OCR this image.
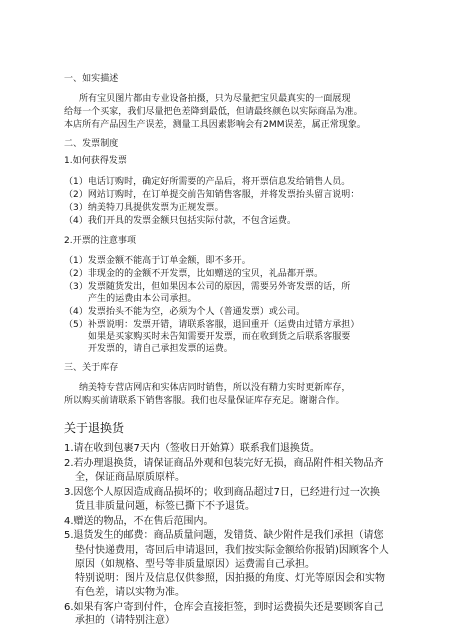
一、如实描述
所有宝贝图片都由专业设备拍摄，只为尽量把宝贝最真实的一面展现
给每一个买家，我们尽量把色差降到最低，但请最终颜色以实际商品为准。
本店所有产品因生产误差，测量工具因素影响会有2MM误差，属正常现象。
二、发票制度
1.如何获得发票
（1）电话订购时，确定好所需要的产品后，将开票信息发给销售人员。
（2）网站订购时，在订单提交前告知销售客服，并将发票抬头留言说明：
（3）纳美特刀具提供发票为正规发票。
（4）我们开具的发票金额只包括实际付款，不包含运费。
2.开票的注意事项
（1）发票金额不能高于订单金额，即不多开。
（2）非现金的的金额不开发票，比如赠送的宝贝，礼品都开票。
（3）发票随货发出，但如果因本公司的原因，需要另外寄发票的话，所
产生的运费由本公司承担。
（4）发票抬头不能为空，必须为个人（普通发票）或公司。
（5）补票说明：发票开错，请联系客服，退回重开（运费由过错方承担）
如果是买家购买时未告知需要开发票，而在收到货之后联系客服要
开发票的，请自己承担发票的运费。
三、关于库存
纳美特专营店网店和实体店同时销售，所以没有精力实时更新库存，
所以购买前请联系下销售客服。我们也尽量保证库存充足。谢谢合作。
关于退换货
1.请在收到包裹7天内（签收日开始算）联系我们退换货。
2.若办理退换货，请保证商品外观和包装完好无损，商品附件相关物品齐
全，保证商品原质原样。
3.因您个人原因造成商品损坏的；收到商品超过7日，已经进行过一次换
货且非质量问题，标签已撕下不予退货。
4.赠送的物品，不在售后范围内。
5.退货发生的邮费：商品质量问题，发错货、缺少附件是我们承担（请您
垫付快递费用，寄回后申请退回，我们按实际金额给你报销)因顾客个人
原因（如规格、型号等非质量原因）运费需自己承担。
特别说明：图片及信息仅供参照，因拍摄的角度、灯光等原因会和实物
有色差，请以实物为准。
6.如果有客户寄到付件，仓库会直接拒签，到时运费损失还是要顾客自己
承担的（请特别注意）
